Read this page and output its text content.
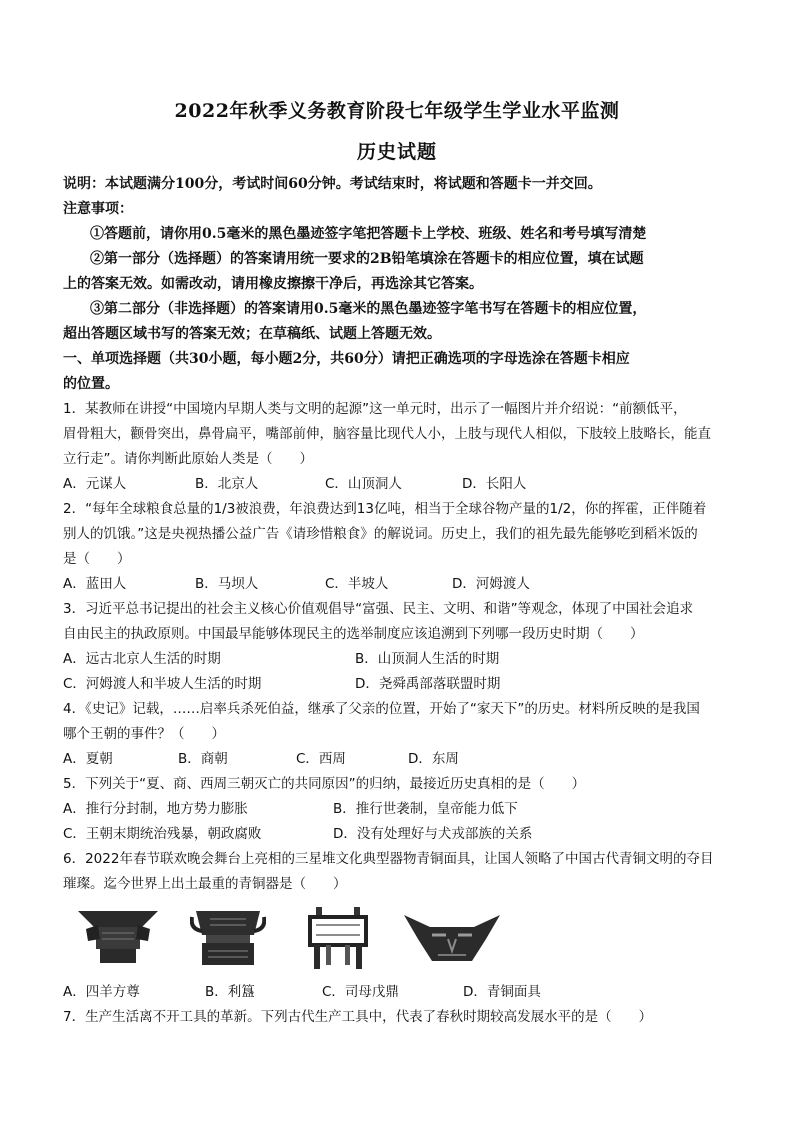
2022年秋季义务教育阶段七年级学生学业水平监测
历史试题
说明：本试题满分100分，考试时间60分钟。考试结束时，将试题和答题卡一并交回。
注意事项：
①答题前，请你用0.5毫米的黑色墨迹签字笔把答题卡上学校、班级、姓名和考号填写清楚
②第一部分（选择题）的答案请用统一要求的2B铅笔填涂在答题卡的相应位置，填在试题
上的答案无效。如需改动，请用橡皮擦擦干净后，再选涂其它答案。
③第二部分（非选择题）的答案请用0.5毫米的黑色墨迹签字笔书写在答题卡的相应位置，
超出答题区域书写的答案无效；在草稿纸、试题上答题无效。
一、单项选择题（共30小题，每小题2分，共60分）请把正确选项的字母选涂在答题卡相应
的位置。
1．某教师在讲授“中国境内早期人类与文明的起源”这一单元时，出示了一幅图片并介绍说：“前额低平，
眉骨粗大，颧骨突出，鼻骨扁平，嘴部前伸，脑容量比现代人小，上肢与现代人相似，下肢较上肢略长，能直
立行走”。请你判断此原始人类是（　　）
A．元谋人	B．北京人	C．山顶洞人	D．长阳人
2．“每年全球粮食总量的1/3被浪费，年浪费达到13亿吨，相当于全球谷物产量的1/2，你的挥霍，正伴随着
别人的饥饿。”这是央视热播公益广告《请珍惜粮食》的解说词。历史上，我们的祖先最先能够吃到稻米饭的
是（　　）
A．蓝田人	B．马坝人	C．半坡人	D．河姆渡人
3．习近平总书记提出的社会主义核心价值观倡导“富强、民主、文明、和谐”等观念，体现了中国社会追求
自由民主的执政原则。中国最早能够体现民主的选举制度应该追溯到下列哪一段历史时期（　　）
A．远古北京人生活的时期	B．山顶洞人生活的时期
C．河姆渡人和半坡人生活的时期	D．尧舜禹部落联盟时期
4．《史记》记载，……启率兵杀死伯益，继承了父亲的位置，开始了“家天下”的历史。材料所反映的是我国
哪个王朝的事件？（　　）
A．夏朝	B．商朝	C．西周	D．东周
5．下列关于“夏、商、西周三朝灭亡的共同原因”的归纳，最接近历史真相的是（　　）
A．推行分封制，地方势力膨胀	B．推行世袭制，皇帝能力低下
C．王朝末期统治残暴，朝政腐败	D．没有处理好与犬戎部族的关系
6．2022年春节联欢晚会舞台上亮相的三星堆文化典型器物青铜面具，让国人领略了中国古代青铜文明的夺目
璀璨。迄今世界上出土最重的青铜器是（　　）
A．四羊方尊	B．利簋	C．司母戊鼎	D．青铜面具
7．生产生活离不开工具的革新。下列古代生产工具中，代表了春秋时期较高发展水平的是（　　）
